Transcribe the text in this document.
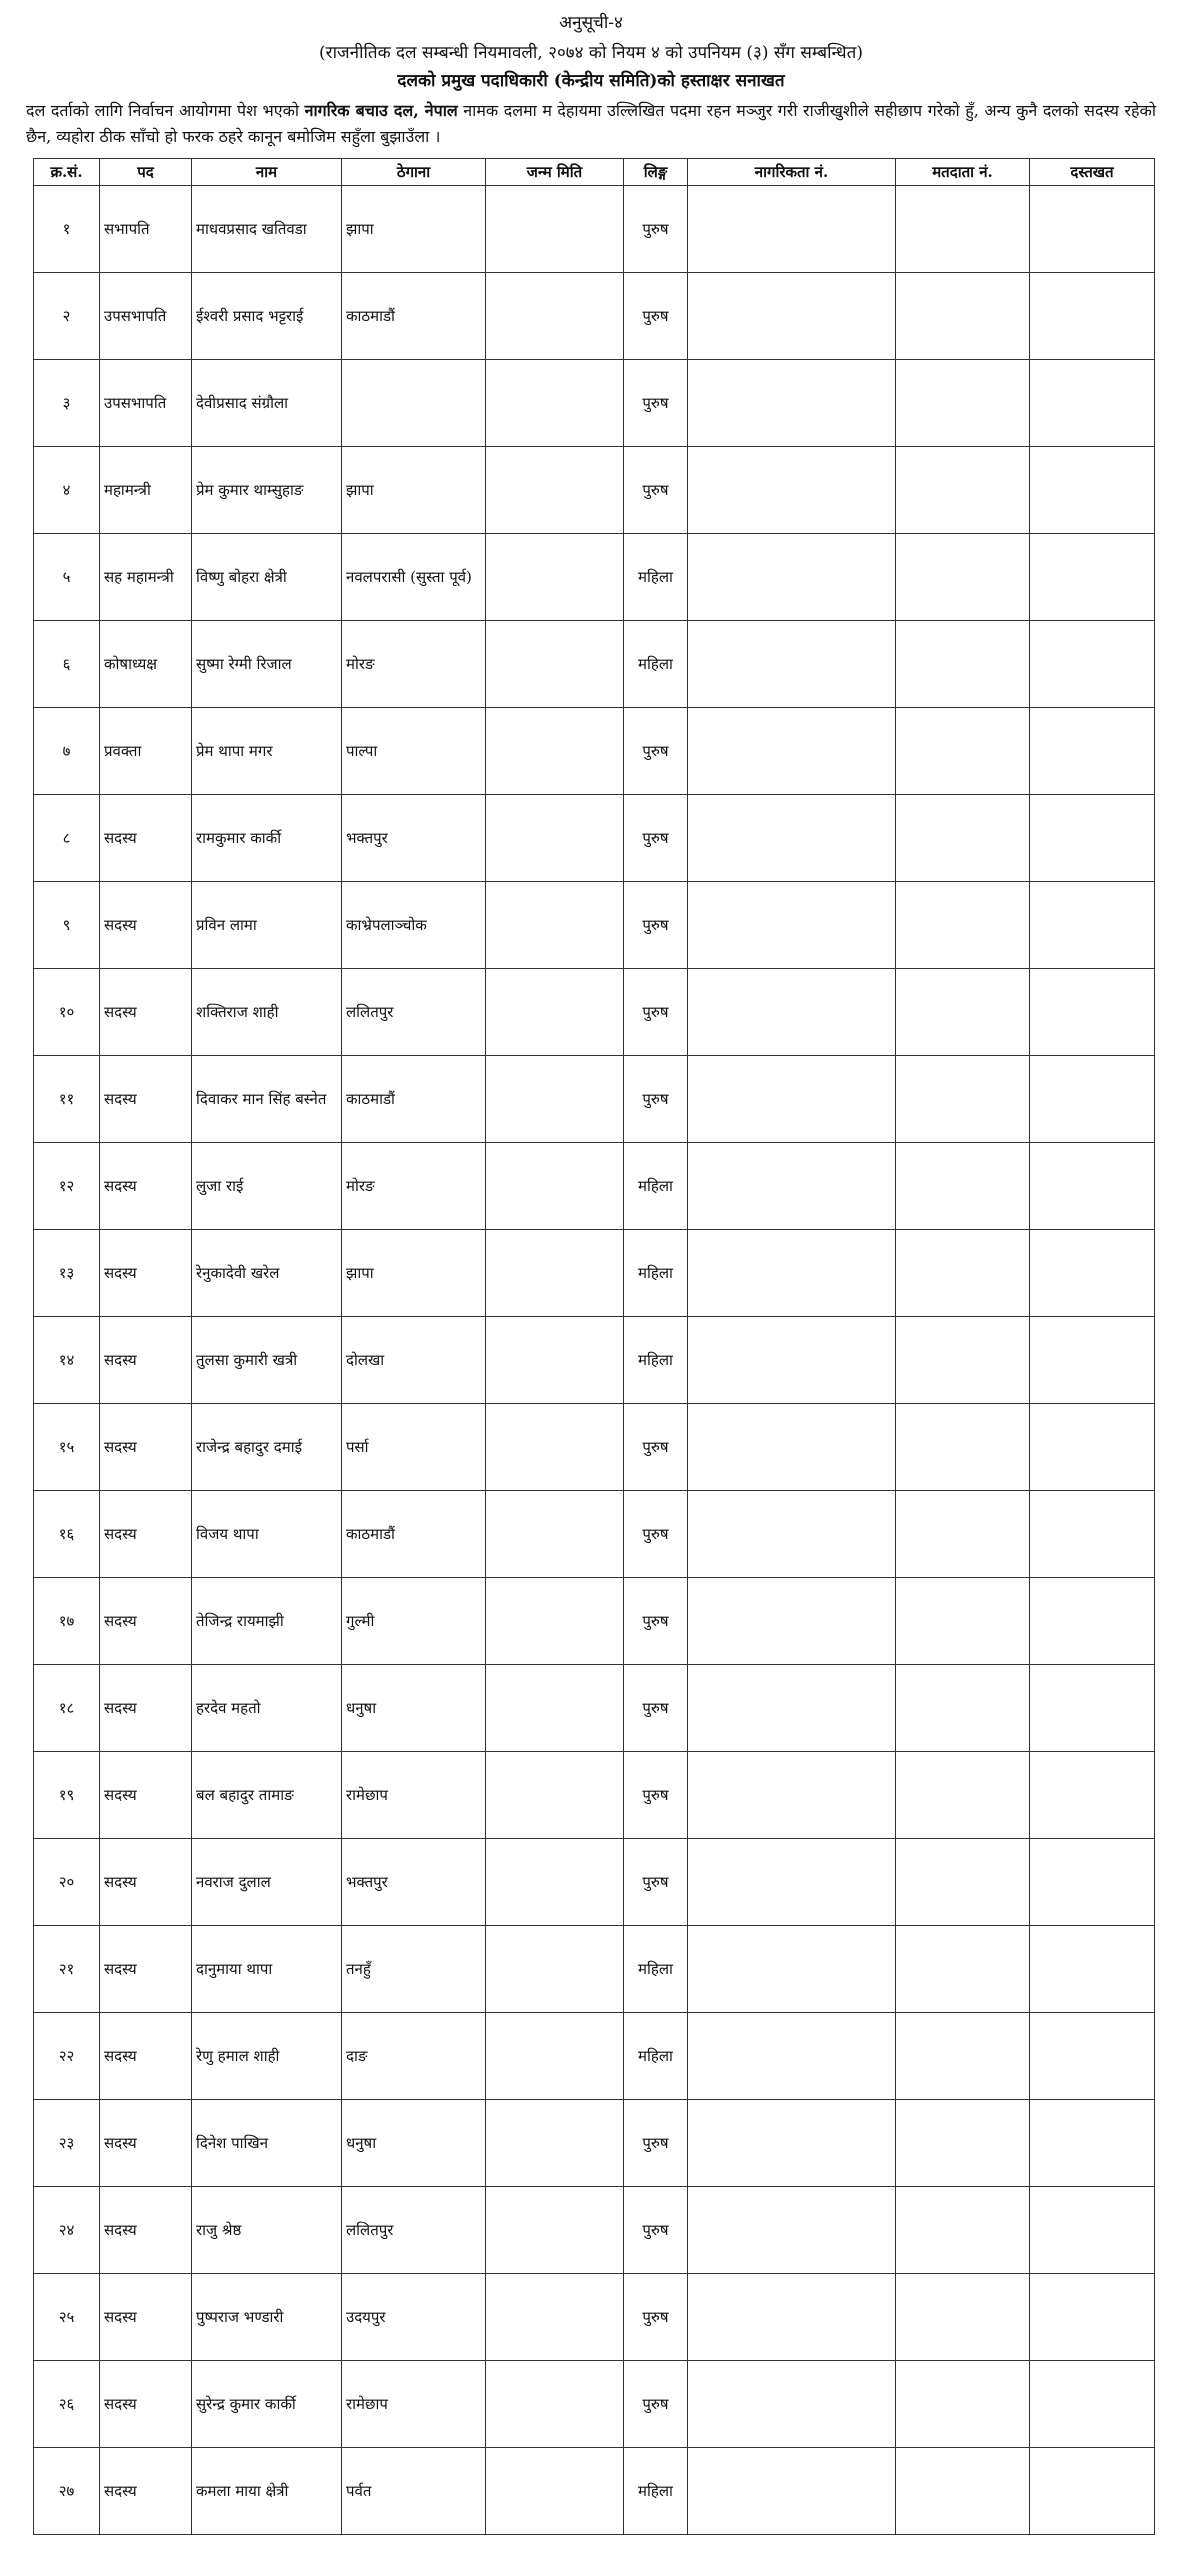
अनुसूची-४
(राजनीतिक दल सम्बन्धी नियमावली, २०७४ को नियम ४ को उपनियम (३) सँग सम्बन्धित)
दलको प्रमुख पदाधिकारी (केन्द्रीय समिति)को हस्ताक्षर सनाखत

दल दर्ताको लागि निर्वाचन आयोगमा पेश भएको नागरिक बचाउ दल, नेपाल नामक दलमा म देहायमा उल्लिखित पदमा रहन मञ्जुर गरी राजीखुशीले सहीछाप गरेको हुँ, अन्य कुनै दलको सदस्य रहेको छैन, व्यहोरा ठीक साँचो हो फरक ठहरे कानून बमोजिम सहुँला बुझाउँला ।

क्र.सं.	पद	नाम	ठेगाना	जन्म मिति	लिङ्ग	नागरिकता नं.	मतदाता नं.	दस्तखत
१	सभापति	माधवप्रसाद खतिवडा	झापा		पुरुष			
२	उपसभापति	ईश्वरी प्रसाद भट्टराई	काठमाडौं		पुरुष			
३	उपसभापति	देवीप्रसाद संग्रौला			पुरुष			
४	महामन्त्री	प्रेम कुमार थाम्सुहाङ	झापा		पुरुष			
५	सह महामन्त्री	विष्णु बोहरा क्षेत्री	नवलपरासी (सुस्ता पूर्व)		महिला			
६	कोषाध्यक्ष	सुष्मा रेग्मी रिजाल	मोरङ		महिला			
७	प्रवक्ता	प्रेम थापा मगर	पाल्पा		पुरुष			
८	सदस्य	रामकुमार कार्की	भक्तपुर		पुरुष			
९	सदस्य	प्रविन लामा	काभ्रेपलाञ्चोक		पुरुष			
१०	सदस्य	शक्तिराज शाही	ललितपुर		पुरुष			
११	सदस्य	दिवाकर मान सिंह बस्नेत	काठमाडौं		पुरुष			
१२	सदस्य	लुजा राई	मोरङ		महिला			
१३	सदस्य	रेनुकादेवी खरेल	झापा		महिला			
१४	सदस्य	तुलसा कुमारी खत्री	दोलखा		महिला			
१५	सदस्य	राजेन्द्र बहादुर दमाई	पर्सा		पुरुष			
१६	सदस्य	विजय थापा	काठमाडौं		पुरुष			
१७	सदस्य	तेजिन्द्र रायमाझी	गुल्मी		पुरुष			
१८	सदस्य	हरदेव महतो	धनुषा		पुरुष			
१९	सदस्य	बल बहादुर तामाङ	रामेछाप		पुरुष			
२०	सदस्य	नवराज दुलाल	भक्तपुर		पुरुष			
२१	सदस्य	दानुमाया थापा	तनहुँ		महिला			
२२	सदस्य	रेणु हमाल शाही	दाङ		महिला			
२३	सदस्य	दिनेश पाखिन	धनुषा		पुरुष			
२४	सदस्य	राजु श्रेष्ठ	ललितपुर		पुरुष			
२५	सदस्य	पुष्पराज भण्डारी	उदयपुर		पुरुष			
२६	सदस्य	सुरेन्द्र कुमार कार्की	रामेछाप		पुरुष			
२७	सदस्य	कमला माया क्षेत्री	पर्वत		महिला			
